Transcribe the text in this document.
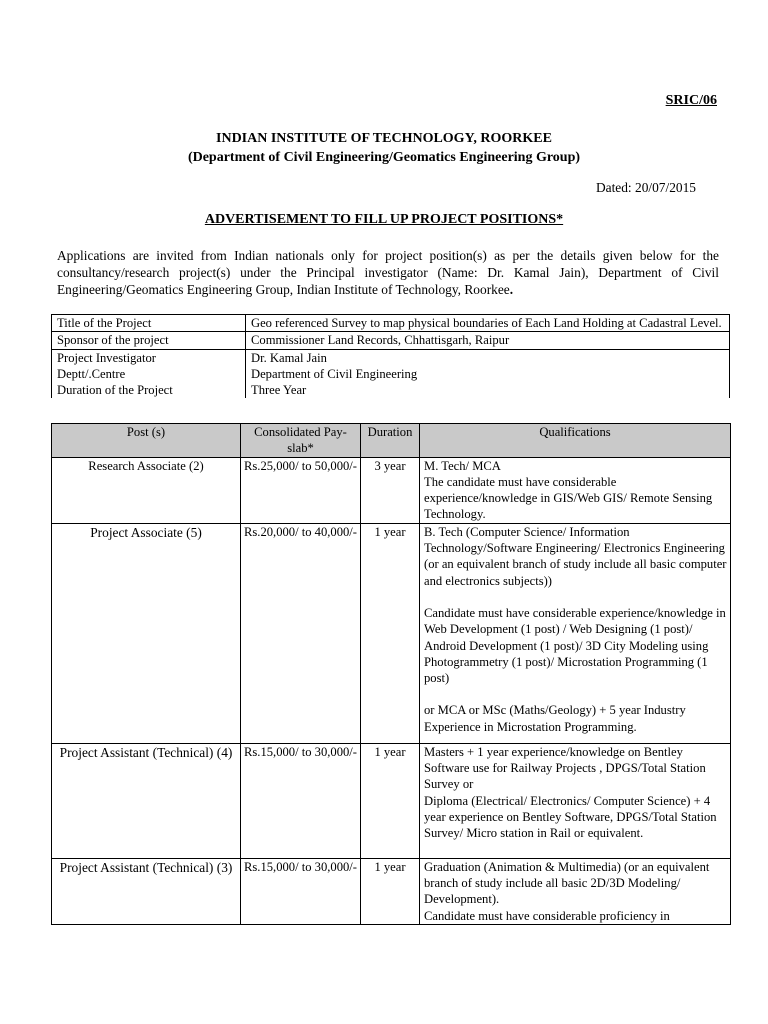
SRIC/06
INDIAN INSTITUTE OF TECHNOLOGY, ROORKEE
(Department of Civil Engineering/Geomatics Engineering Group)
Dated: 20/07/2015
ADVERTISEMENT TO FILL UP PROJECT POSITIONS*
Applications are invited from Indian nationals only for project position(s) as per the details given below for the consultancy/research project(s) under the Principal investigator (Name: Dr. Kamal Jain), Department of Civil Engineering/Geomatics Engineering Group, Indian Institute of Technology, Roorkee.
Title of the Project	Geo referenced Survey to map physical boundaries of Each Land Holding at Cadastral Level.
Sponsor of the project	Commissioner Land Records, Chhattisgarh, Raipur
Project Investigator	Dr. Kamal Jain
Deptt/.Centre	Department of Civil Engineering
Duration of the Project	Three Year
Post (s)	Consolidated Pay-slab*	Duration	Qualifications
Research Associate (2)	Rs.25,000/ to 50,000/-	3 year	M. Tech/ MCA
The candidate must have considerable experience/knowledge in GIS/Web GIS/ Remote Sensing Technology.

Project Associate (5)	Rs.20,000/ to 40,000/-	1 year	B. Tech (Computer Science/ Information Technology/Software Engineering/ Electronics Engineering (or an equivalent branch of study include all basic computer and electronics subjects))
Candidate must have considerable experience/knowledge in Web Development (1 post) / Web Designing (1 post)/ Android Development (1 post)/ 3D City Modeling using Photogrammetry (1 post)/ Microstation Programming (1 post)
or MCA or MSc (Maths/Geology) + 5 year Industry Experience in Microstation Programming.

Project Assistant (Technical) (4)	Rs.15,000/ to 30,000/-	1 year	Masters + 1 year experience/knowledge on Bentley Software use for Railway Projects , DPGS/Total Station Survey or
Diploma (Electrical/ Electronics/ Computer Science) + 4 year experience on Bentley Software, DPGS/Total Station Survey/ Micro station in Rail or equivalent.

Project Assistant (Technical) (3)	Rs.15,000/ to 30,000/-	1 year	Graduation (Animation & Multimedia) (or an equivalent branch of study include all basic 2D/3D Modeling/ Development).
Candidate must have considerable proficiency in
